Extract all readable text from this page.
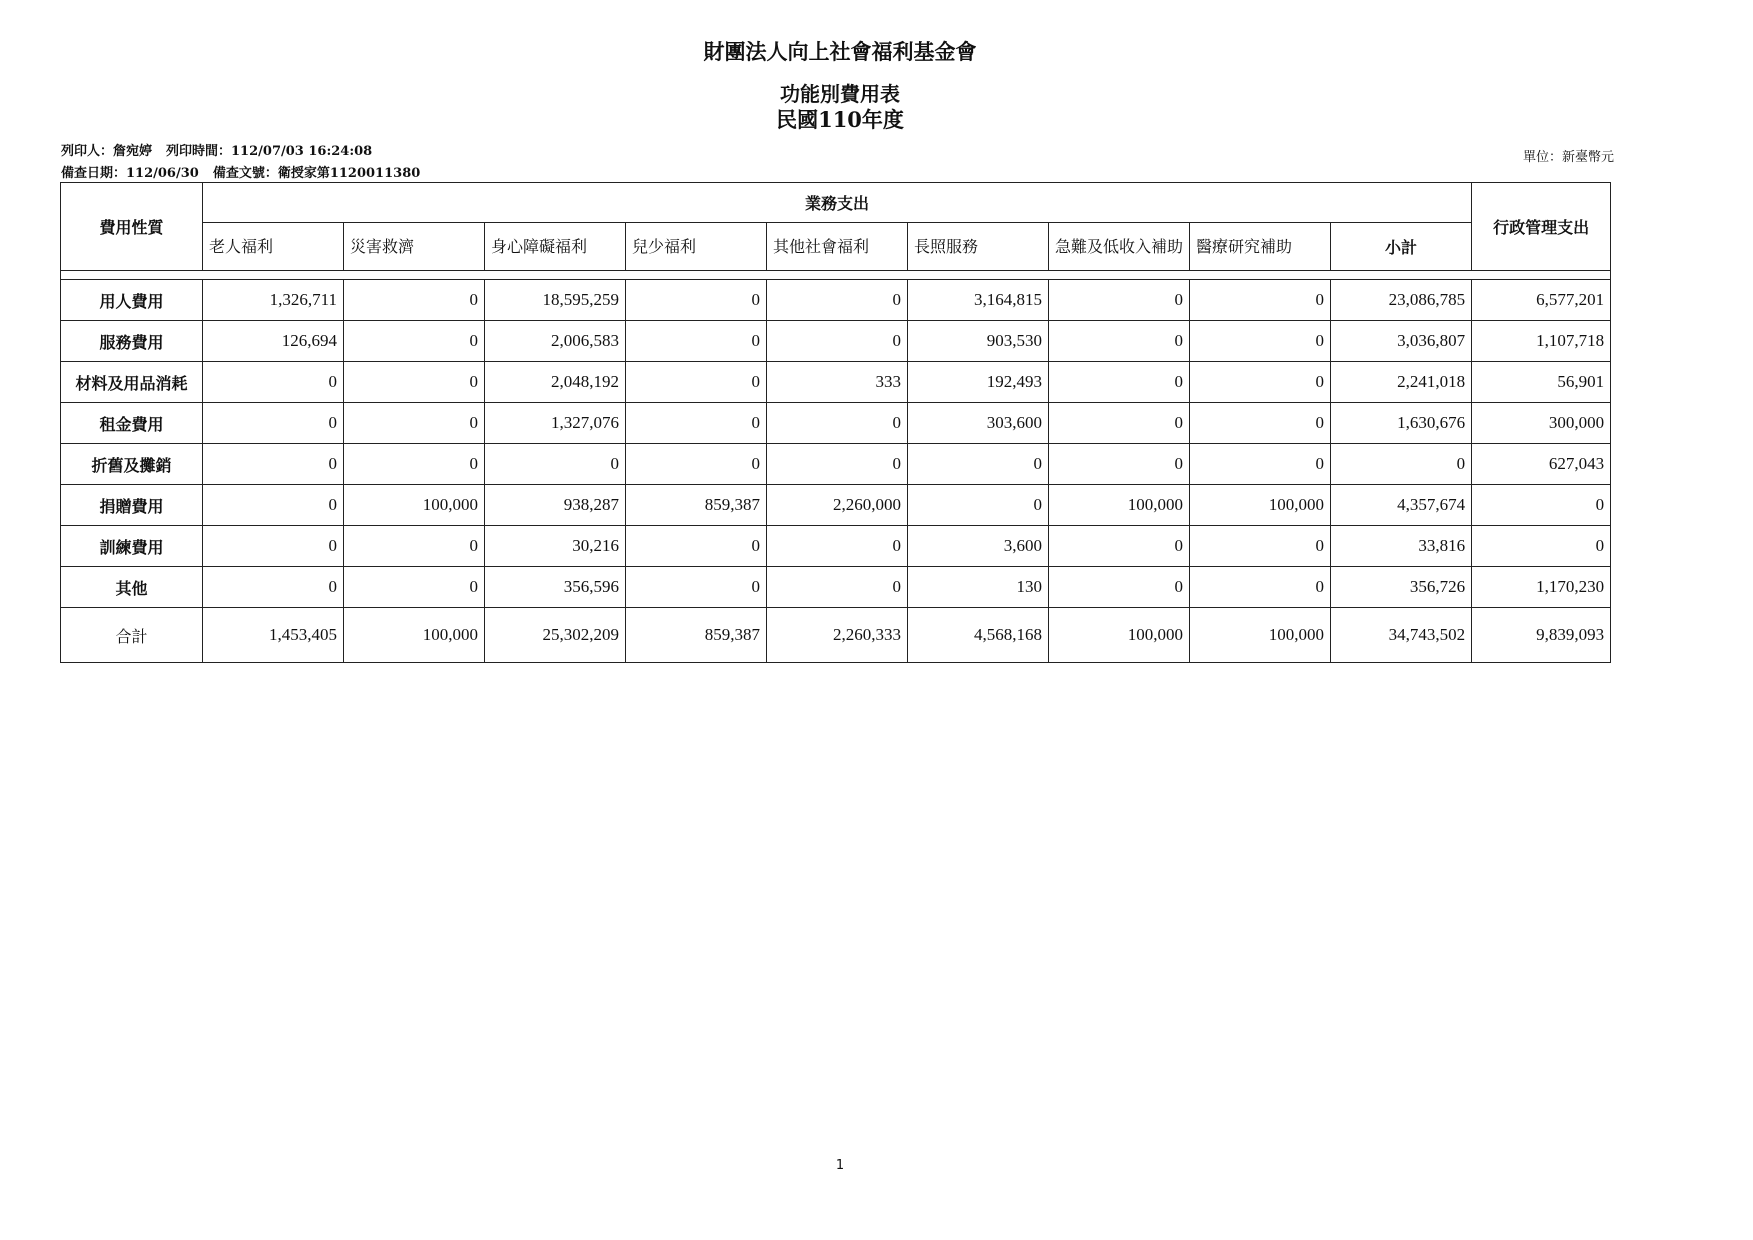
財團法人向上社會福利基金會
功能別費用表
民國110年度
列印人：詹宛婷 列印時間：112/07/03 16:24:08
備查日期：112/06/30 備查文號：衛授家第1120011380
單位：新臺幣元
費用性質	業務支出									行政管理支出
	老人福利	災害救濟	身心障礙福利	兒少福利	其他社會福利	長照服務	急難及低收入補助	醫療研究補助	小計	

用人費用	1,326,711	0	18,595,259	0	0	3,164,815	0	0	23,086,785	6,577,201
服務費用	126,694	0	2,006,583	0	0	903,530	0	0	3,036,807	1,107,718
材料及用品消耗	0	0	2,048,192	0	333	192,493	0	0	2,241,018	56,901
租金費用	0	0	1,327,076	0	0	303,600	0	0	1,630,676	300,000
折舊及攤銷	0	0	0	0	0	0	0	0	0	627,043
捐贈費用	0	100,000	938,287	859,387	2,260,000	0	100,000	100,000	4,357,674	0
訓練費用	0	0	30,216	0	0	3,600	0	0	33,816	0
其他	0	0	356,596	0	0	130	0	0	356,726	1,170,230
合計	1,453,405	100,000	25,302,209	859,387	2,260,333	4,568,168	100,000	100,000	34,743,502	9,839,093
1
